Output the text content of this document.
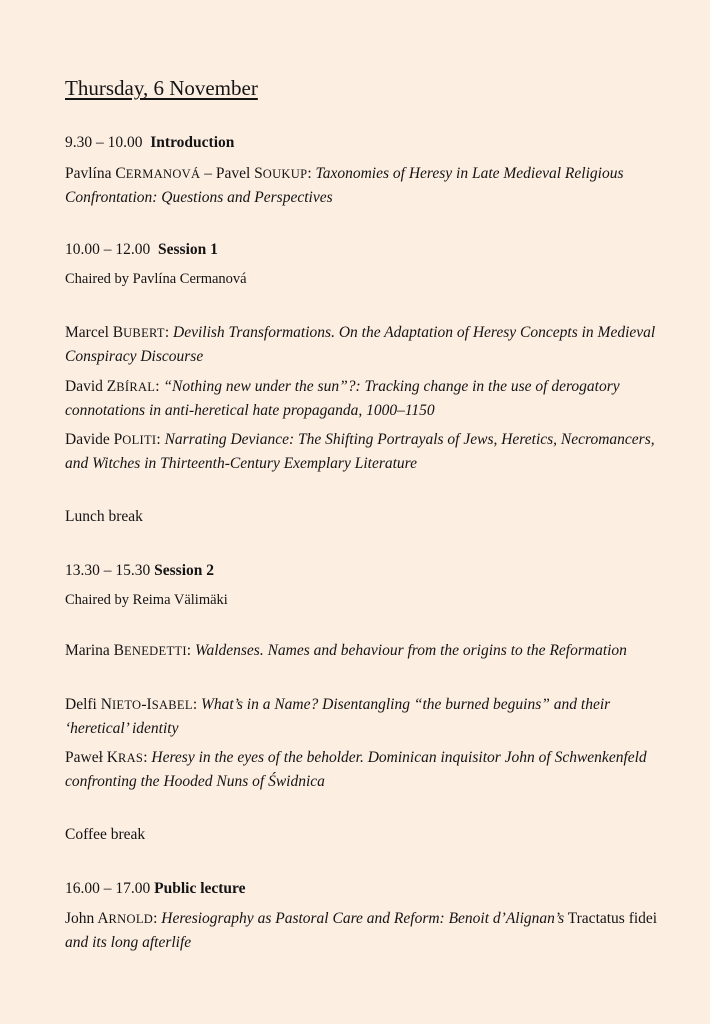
Thursday, 6 November
9.30 – 10.00 Introduction
Pavlína CERMANOVÁ – Pavel SOUKUP: Taxonomies of Heresy in Late Medieval Religious Confrontation: Questions and Perspectives
10.00 – 12.00 Session 1
Chaired by Pavlína Cermanová
Marcel BUBERT: Devilish Transformations. On the Adaptation of Heresy Concepts in Medieval Conspiracy Discourse
David ZBÍRAL: “Nothing new under the sun”?: Tracking change in the use of derogatory connotations in anti-heretical hate propaganda, 1000–1150
Davide POLITI: Narrating Deviance: The Shifting Portrayals of Jews, Heretics, Necromancers, and Witches in Thirteenth-Century Exemplary Literature
Lunch break
13.30 – 15.30 Session 2
Chaired by Reima Välimäki
Marina BENEDETTI: Waldenses. Names and behaviour from the origins to the Reformation
Delfi NIETO-ISABEL: What’s in a Name? Disentangling “the burned beguins” and their ‘heretical’ identity
Paweł KRAS: Heresy in the eyes of the beholder. Dominican inquisitor John of Schwenkenfeld confronting the Hooded Nuns of Świdnica
Coffee break
16.00 – 17.00 Public lecture
John ARNOLD: Heresiography as Pastoral Care and Reform: Benoit d’Alignan’s Tractatus fidei and its long afterlife
